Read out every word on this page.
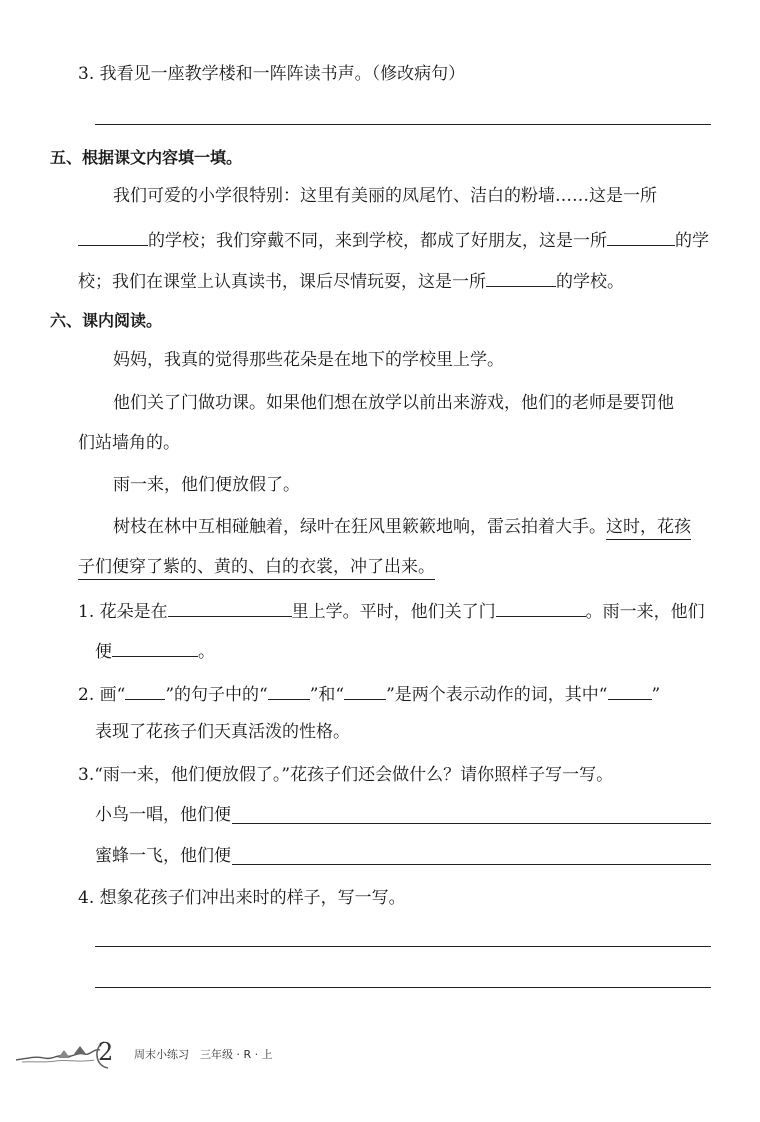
3. 我看见一座教学楼和一阵阵读书声。（修改病句）
五、根据课文内容填一填。
我们可爱的小学很特别：这里有美丽的凤尾竹、洁白的粉墙……这是一所
的学校；我们穿戴不同，来到学校，都成了好朋友，这是一所	的学
校；我们在课堂上认真读书，课后尽情玩耍，这是一所	的学校。
六、课内阅读。
妈妈，我真的觉得那些花朵是在地下的学校里上学。
他们关了门做功课。如果他们想在放学以前出来游戏，他们的老师是要罚他
们站墙角的。
雨一来，他们便放假了。
树枝在林中互相碰触着，绿叶在狂风里簌簌地响，雷云拍着大手。这时，花孩
子们便穿了紫的、黄的、白的衣裳，冲了出来。
1. 花朵是在	里上学。平时，他们关了门	。雨一来，他们
便	。
2. 画“ ”的句子中的“ ”和“ ”是两个表示动作的词，其中“	”
表现了花孩子们天真活泼的性格。
3.“雨一来，他们便放假了。”花孩子们还会做什么？请你照样子写一写。
小鸟一唱，他们便
蜜蜂一飞，他们便
4. 想象花孩子们冲出来时的样子，写一写。
2 周末小练习　三年级 · R · 上
